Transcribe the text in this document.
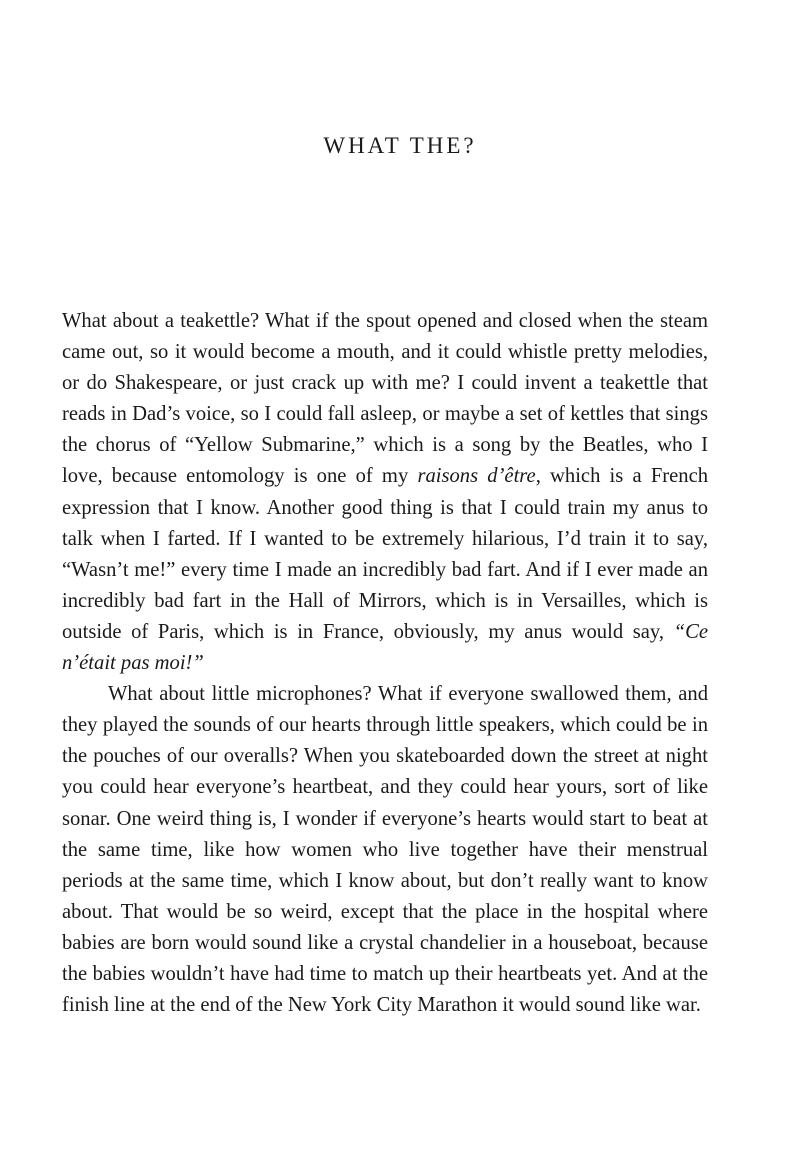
WHAT THE?

What about a teakettle? What if the spout opened and closed when the steam came out, so it would become a mouth, and it could whistle pretty melodies, or do Shakespeare, or just crack up with me? I could invent a teakettle that reads in Dad’s voice, so I could fall asleep, or maybe a set of kettles that sings the chorus of “Yellow Submarine,” which is a song by the Beatles, who I love, because entomology is one of my raisons d’être, which is a French expression that I know. Another good thing is that I could train my anus to talk when I farted. If I wanted to be extremely hilarious, I’d train it to say, “Wasn’t me!” every time I made an incredibly bad fart. And if I ever made an incredibly bad fart in the Hall of Mirrors, which is in Versailles, which is outside of Paris, which is in France, obviously, my anus would say, “Ce n’était pas moi!”

What about little microphones? What if everyone swallowed them, and they played the sounds of our hearts through little speakers, which could be in the pouches of our overalls? When you skateboarded down the street at night you could hear everyone’s heartbeat, and they could hear yours, sort of like sonar. One weird thing is, I wonder if everyone’s hearts would start to beat at the same time, like how women who live together have their menstrual periods at the same time, which I know about, but don’t really want to know about. That would be so weird, except that the place in the hospital where babies are born would sound like a crystal chandelier in a houseboat, because the babies wouldn’t have had time to match up their heartbeats yet. And at the finish line at the end of the New York City Marathon it would sound like war.
